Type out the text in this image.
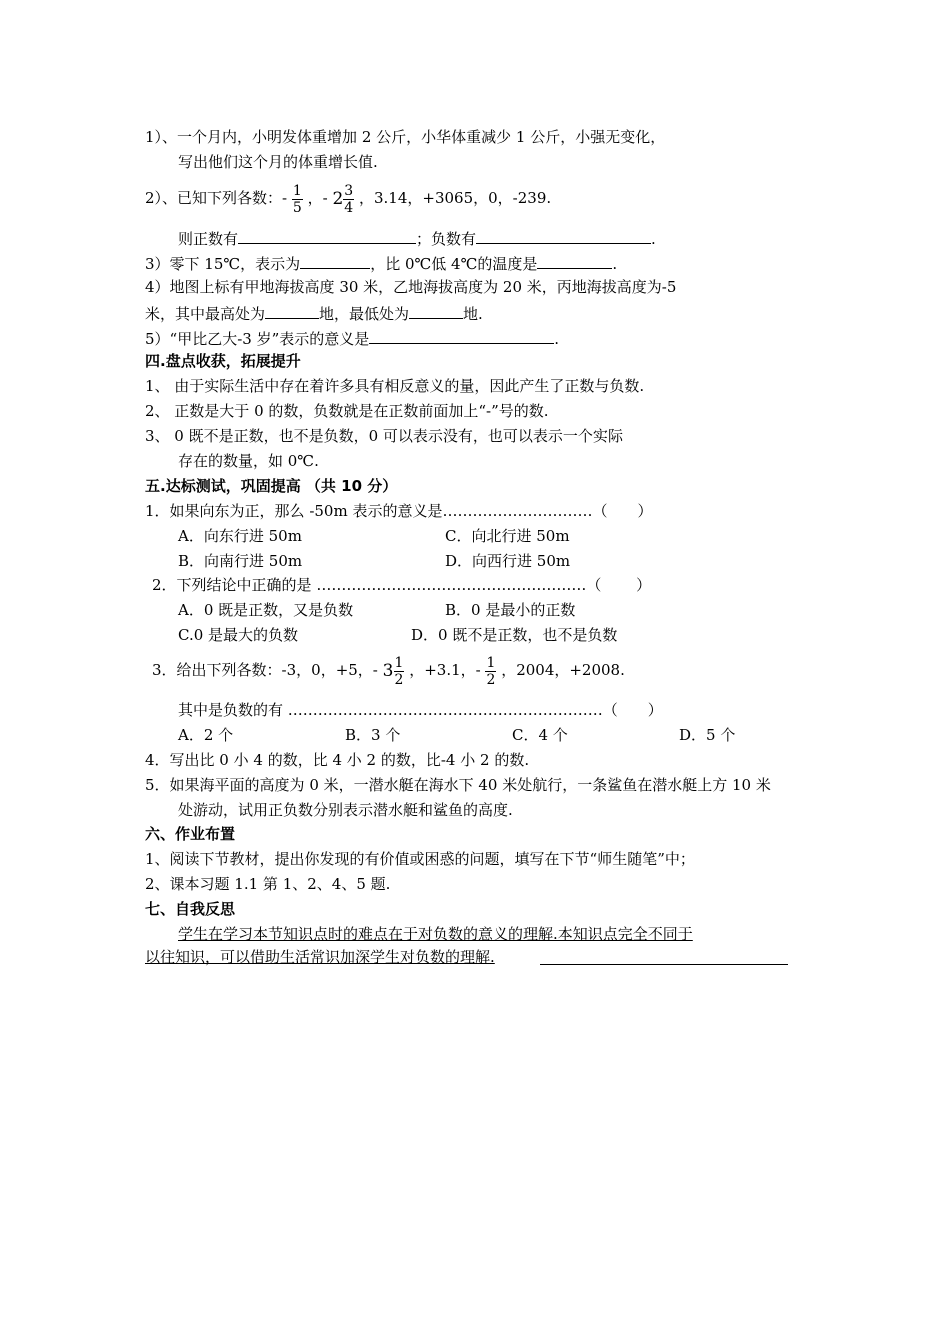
1）、一个月内，小明发体重增加 2 公斤，小华体重减少 1 公斤，小强无变化，
写出他们这个月的体重增长值.
2）、已知下列各数：- $\frac{1}{5}$ ，- $2 \frac{3}{4}$ ，3.14，+3065，0，-239.
则正数有	；负数有	.
3）零下 15℃，表示为	，比 0℃低 4℃的温度是	.
4）地图上标有甲地海拔高度 30 米，乙地海拔高度为 20 米，丙地海拔高度为-5
米，其中最高处为	地，最低处为	地.
5）“甲比乙大-3 岁”表示的意义是	.
四.盘点收获，拓展提升
1、 由于实际生活中存在着许多具有相反意义的量，因此产生了正数与负数.
2、 正数是大于 0 的数，负数就是在正数前面加上“-”号的数.
3、 0 既不是正数，也不是负数，0 可以表示没有，也可以表示一个实际
存在的数量，如 0℃.
五.达标测试，巩固提高 （共 10 分）
1．如果向东为正，那么 -50m 表示的意义是…………………………（　　）
A．向东行进 50m	C．向北行进 50m
B．向南行进 50m	D．向西行进 50m
2．下列结论中正确的是 ………………………………………………（　　 ）
A．0 既是正数，又是负数	B．0 是最小的正数
C.0 是最大的负数	D．0 既不是正数，也不是负数
3．给出下列各数：-3，0，+5，- $3 \frac{1}{2}$ ，+3.1，- $\frac{1}{2}$ ，2004，+2008.
其中是负数的有 ………………………………………………………（　　）
A．2 个	B．3 个	C．4 个	D．5 个
4．写出比 0 小 4 的数，比 4 小 2 的数，比-4 小 2 的数.
5．如果海平面的高度为 0 米，一潜水艇在海水下 40 米处航行，一条鲨鱼在潜水艇上方 10 米
处游动，试用正负数分别表示潜水艇和鲨鱼的高度.
六、作业布置
1、阅读下节教材，提出你发现的有价值或困惑的问题，填写在下节“师生随笔”中；
2、课本习题 1.1 第 1、2、4、5 题.
七、自我反思
学生在学习本节知识点时的难点在于对负数的意义的理解.本知识点完全不同于
以往知识，可以借助生活常识加深学生对负数的理解.
